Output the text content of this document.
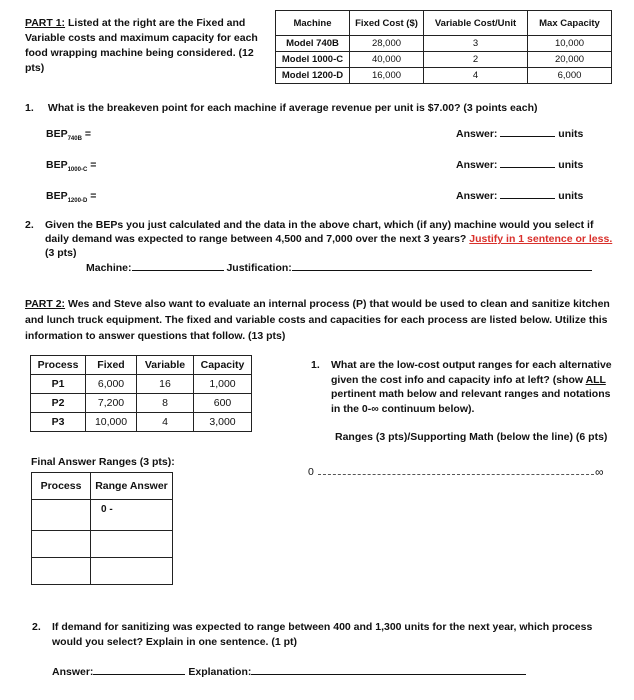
PART 1: Listed at the right are the Fixed and Variable costs and maximum capacity for each food wrapping machine being considered. (12 pts)
Machine	Fixed Cost ($)	Variable Cost/Unit	Max Capacity
Model 740B	28,000	3	10,000
Model 1000-C	40,000	2	20,000
Model 1200-D	16,000	4	6,000
1. What is the breakeven point for each machine if average revenue per unit is $7.00? (3 points each)
$BEP_{740B}$ =	Answer:	units
$BEP_{1000-C}$ =	Answer:	units
$BEP_{1200-D}$ =	Answer:	units
2. Given the BEPs you just calculated and the data in the above chart, which (if any) machine would you select if daily demand was expected to range between 4,500 and 7,000 over the next 3 years? Justify in 1 sentence or less.
(3 pts)
Machine:	Justification:
PART 2: Wes and Steve also want to evaluate an internal process (P) that would be used to clean and sanitize kitchen and lunch truck equipment. The fixed and variable costs and capacities for each process are listed below. Utilize this information to answer questions that follow. (13 pts)
Process	Fixed	Variable	Capacity
P1	6,000	16	1,000
P2	7,200	8	600
P3	10,000	4	3,000
1. What are the low-cost output ranges for each alternative given the cost info and capacity info at left? (show ALL pertinent math below and relevant ranges and notations in the 0-∞ continuum below).
Ranges (3 pts)/Supporting Math (below the line) (6 pts)
0	∞
Final Answer Ranges (3 pts):
Process	Range Answer
	0 -

2. If demand for sanitizing was expected to range between 400 and 1,300 units for the next year, which process would you select? Explain in one sentence. (1 pt)
Answer:	Explanation:
